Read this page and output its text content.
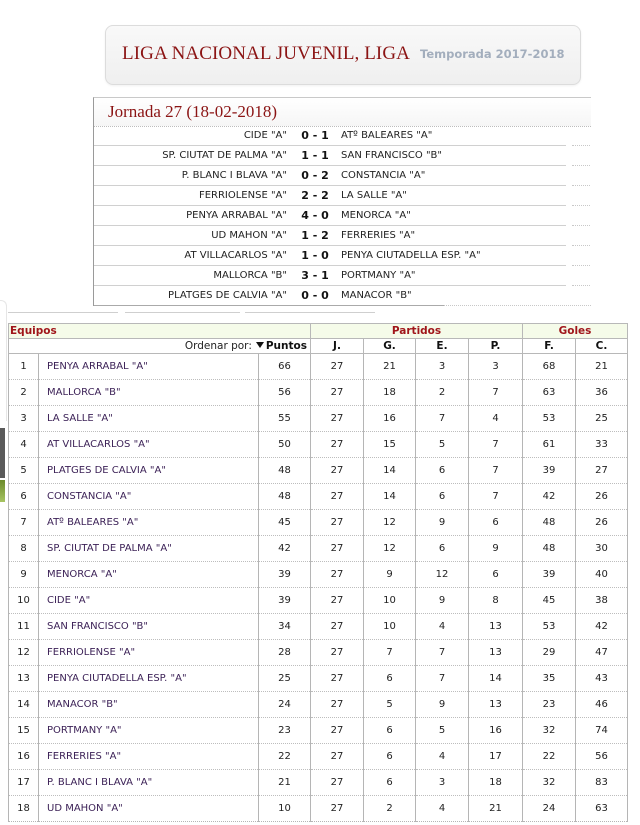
LIGA NACIONAL JUVENIL, LIGA Temporada 2017-2018
Jornada 27 (18-02-2018)
CIDE "A"	0 - 1	ATº BALEARES "A"
SP. CIUTAT DE PALMA "A"	1 - 1	SAN FRANCISCO "B"
P. BLANC I BLAVA "A"	0 - 2	CONSTANCIA "A"
FERRIOLENSE "A"	2 - 2	LA SALLE "A"
PENYA ARRABAL "A"	4 - 0	MENORCA "A"
UD MAHON "A"	1 - 2	FERRERIES "A"
AT VILLACARLOS "A"	1 - 0	PENYA CIUTADELLA ESP. "A"
MALLORCA "B"	3 - 1	PORTMANY "A"
PLATGES DE CALVIA "A"	0 - 0	MANACOR "B"
Equipos			Partidos				Goles	
Ordenar por: Puntos			J.	G.	E.	P.	F.	C.
1	PENYA ARRABAL "A"	66	27	21	3	3	68	21
2	MALLORCA "B"	56	27	18	2	7	63	36
3	LA SALLE "A"	55	27	16	7	4	53	25
4	AT VILLACARLOS "A"	50	27	15	5	7	61	33
5	PLATGES DE CALVIA "A"	48	27	14	6	7	39	27
6	CONSTANCIA "A"	48	27	14	6	7	42	26
7	ATº BALEARES "A"	45	27	12	9	6	48	26
8	SP. CIUTAT DE PALMA "A"	42	27	12	6	9	48	30
9	MENORCA "A"	39	27	9	12	6	39	40
10	CIDE "A"	39	27	10	9	8	45	38
11	SAN FRANCISCO "B"	34	27	10	4	13	53	42
12	FERRIOLENSE "A"	28	27	7	7	13	29	47
13	PENYA CIUTADELLA ESP. "A"	25	27	6	7	14	35	43
14	MANACOR "B"	24	27	5	9	13	23	46
15	PORTMANY "A"	23	27	6	5	16	32	74
16	FERRERIES "A"	22	27	6	4	17	22	56
17	P. BLANC I BLAVA "A"	21	27	6	3	18	32	83
18	UD MAHON "A"	10	27	2	4	21	24	63
